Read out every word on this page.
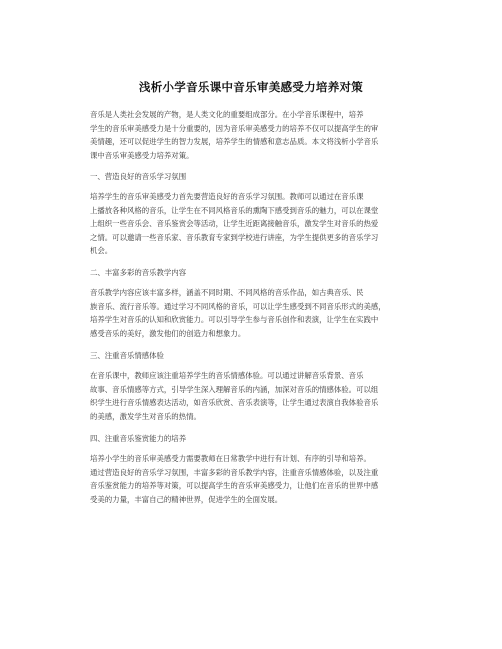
浅析小学音乐课中音乐审美感受力培养对策
音乐是人类社会发展的产物，是人类文化的重要组成部分。在小学音乐课程中，培养
学生的音乐审美感受力是十分重要的，因为音乐审美感受力的培养不仅可以提高学生的审
美情趣，还可以促进学生的智力发展，培养学生的情感和意志品质。本文将浅析小学音乐
课中音乐审美感受力培养对策。
一、营造良好的音乐学习氛围
培养学生的音乐审美感受力首先要营造良好的音乐学习氛围。教师可以通过在音乐课
上播放各种风格的音乐，让学生在不同风格音乐的熏陶下感受到音乐的魅力，可以在课堂
上组织一些音乐会、音乐鉴赏会等活动，让学生近距离接触音乐，激发学生对音乐的热爱
之情。可以邀请一些音乐家、音乐教育专家到学校进行讲座，为学生提供更多的音乐学习
机会。
二、丰富多彩的音乐教学内容
音乐教学内容应该丰富多样，涵盖不同时期、不同风格的音乐作品，如古典音乐、民
族音乐、流行音乐等。通过学习不同风格的音乐，可以让学生感受到不同音乐形式的美感，
培养学生对音乐的认知和欣赏能力。可以引导学生参与音乐创作和表演，让学生在实践中
感受音乐的美好，激发他们的创造力和想象力。
三、注重音乐情感体验
在音乐课中，教师应该注重培养学生的音乐情感体验。可以通过讲解音乐背景、音乐
故事、音乐情感等方式，引导学生深入理解音乐的内涵，加深对音乐的情感体验。可以组
织学生进行音乐情感表达活动，如音乐欣赏、音乐表演等，让学生通过表演自我体验音乐
的美感，激发学生对音乐的热情。
四、注重音乐鉴赏能力的培养
培养小学生的音乐审美感受力需要教师在日常教学中进行有计划、有序的引导和培养。
通过营造良好的音乐学习氛围，丰富多彩的音乐教学内容，注重音乐情感体验，以及注重
音乐鉴赏能力的培养等对策，可以提高学生的音乐审美感受力，让他们在音乐的世界中感
受美的力量，丰富自己的精神世界，促进学生的全面发展。
